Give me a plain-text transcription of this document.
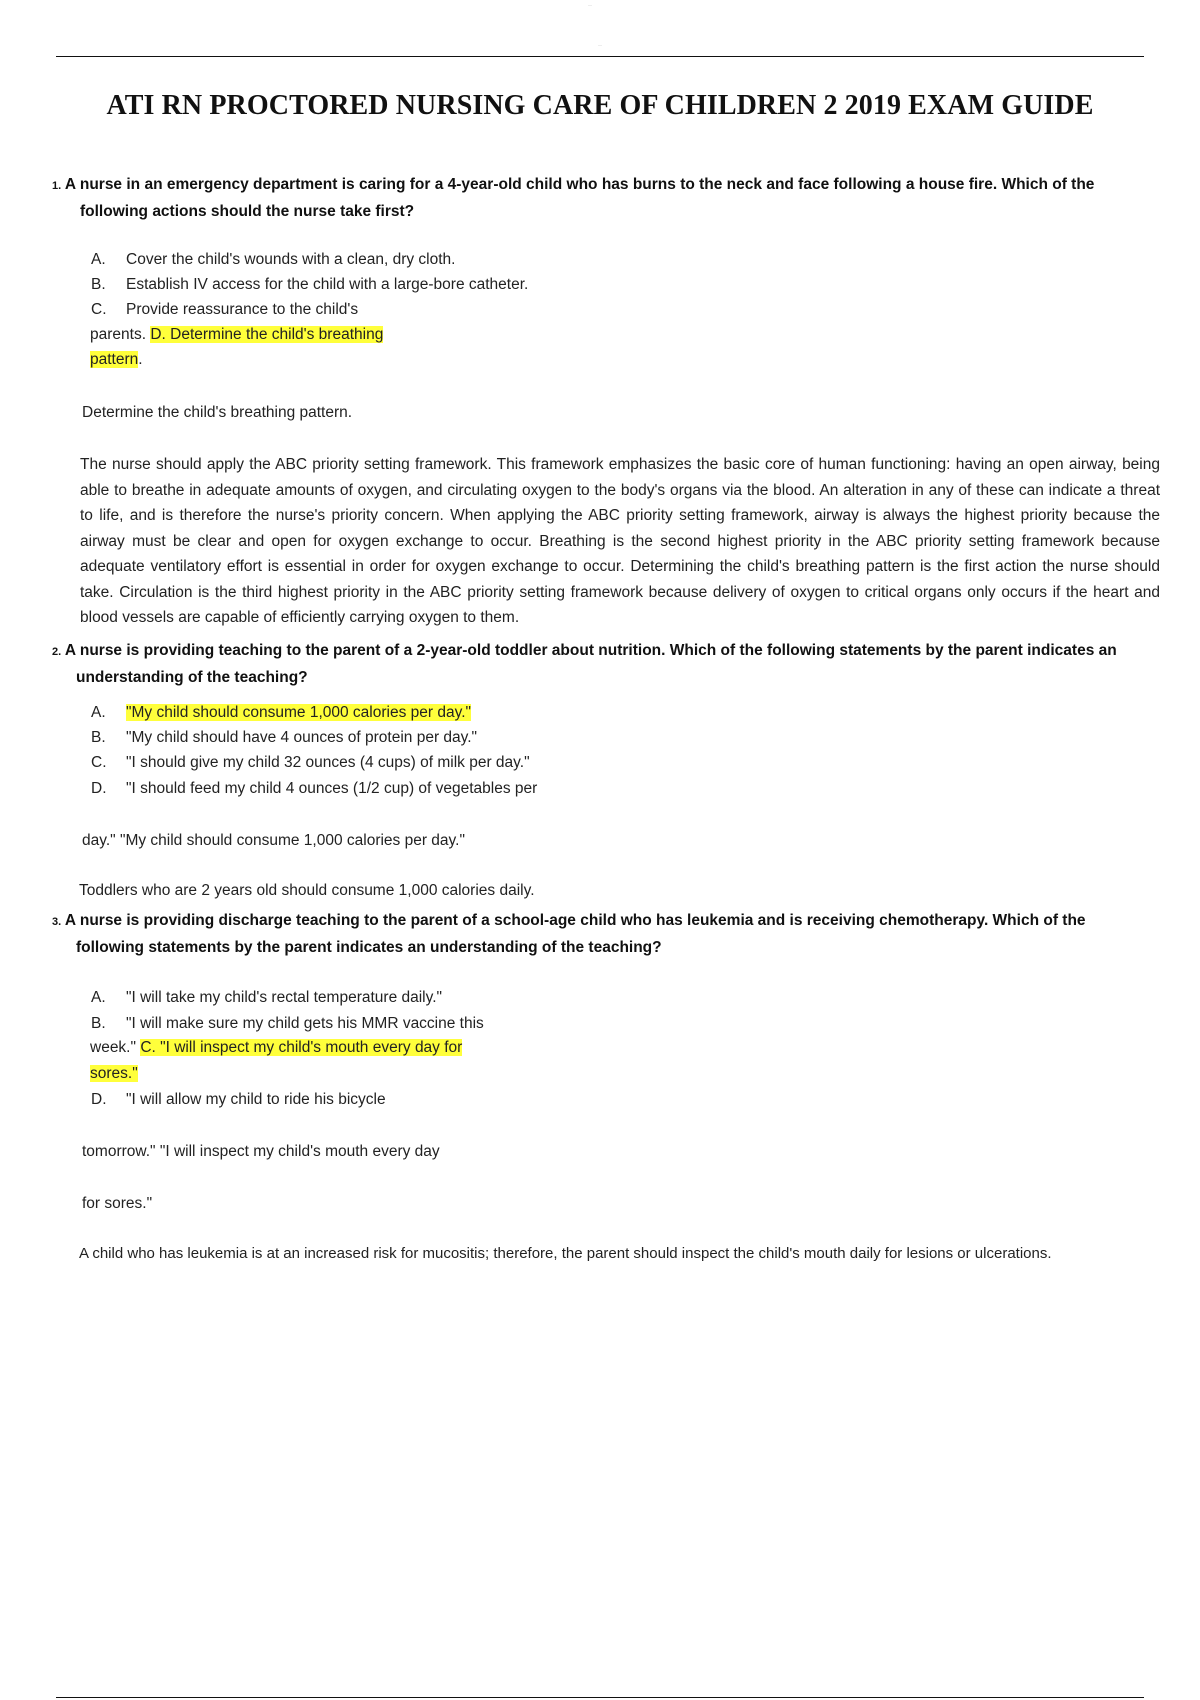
—
—
ATI RN PROCTORED NURSING CARE OF CHILDREN 2 2019 EXAM GUIDE
1. A nurse in an emergency department is caring for a 4-year-old child who has burns to the neck and face following a house fire. Which of the
following actions should the nurse take first?
A. Cover the child's wounds with a clean, dry cloth.
B. Establish IV access for the child with a large-bore catheter.
C. Provide reassurance to the child's
parents. D. Determine the child's breathing
pattern.
Determine the child's breathing pattern.
The nurse should apply the ABC priority setting framework. This framework emphasizes the basic core of human functioning: having an open airway, being able to breathe in adequate amounts of oxygen, and circulating oxygen to the body's organs via the blood. An alteration in any of these can indicate a threat to life, and is therefore the nurse's priority concern. When applying the ABC priority setting framework, airway is always the highest priority because the airway must be clear and open for oxygen exchange to occur. Breathing is the second highest priority in the ABC priority setting framework because adequate ventilatory effort is essential in order for oxygen exchange to occur. Determining the child's breathing pattern is the first action the nurse should take. Circulation is the third highest priority in the ABC priority setting framework because delivery of oxygen to critical organs only occurs if the heart and blood vessels are capable of efficiently carrying oxygen to them.
2. A nurse is providing teaching to the parent of a 2-year-old toddler about nutrition. Which of the following statements by the parent indicates an
understanding of the teaching?
A. "My child should consume 1,000 calories per day."
B. "My child should have 4 ounces of protein per day."
C. "I should give my child 32 ounces (4 cups) of milk per day."
D. "I should feed my child 4 ounces (1/2 cup) of vegetables per
day." "My child should consume 1,000 calories per day."
Toddlers who are 2 years old should consume 1,000 calories daily.
3. A nurse is providing discharge teaching to the parent of a school-age child who has leukemia and is receiving chemotherapy. Which of the
following statements by the parent indicates an understanding of the teaching?
A. "I will take my child's rectal temperature daily."
B. "I will make sure my child gets his MMR vaccine this
week." C. "I will inspect my child's mouth every day for
sores."
D. "I will allow my child to ride his bicycle
tomorrow." "I will inspect my child's mouth every day
for sores."
A child who has leukemia is at an increased risk for mucositis; therefore, the parent should inspect the child's mouth daily for lesions or ulcerations.
